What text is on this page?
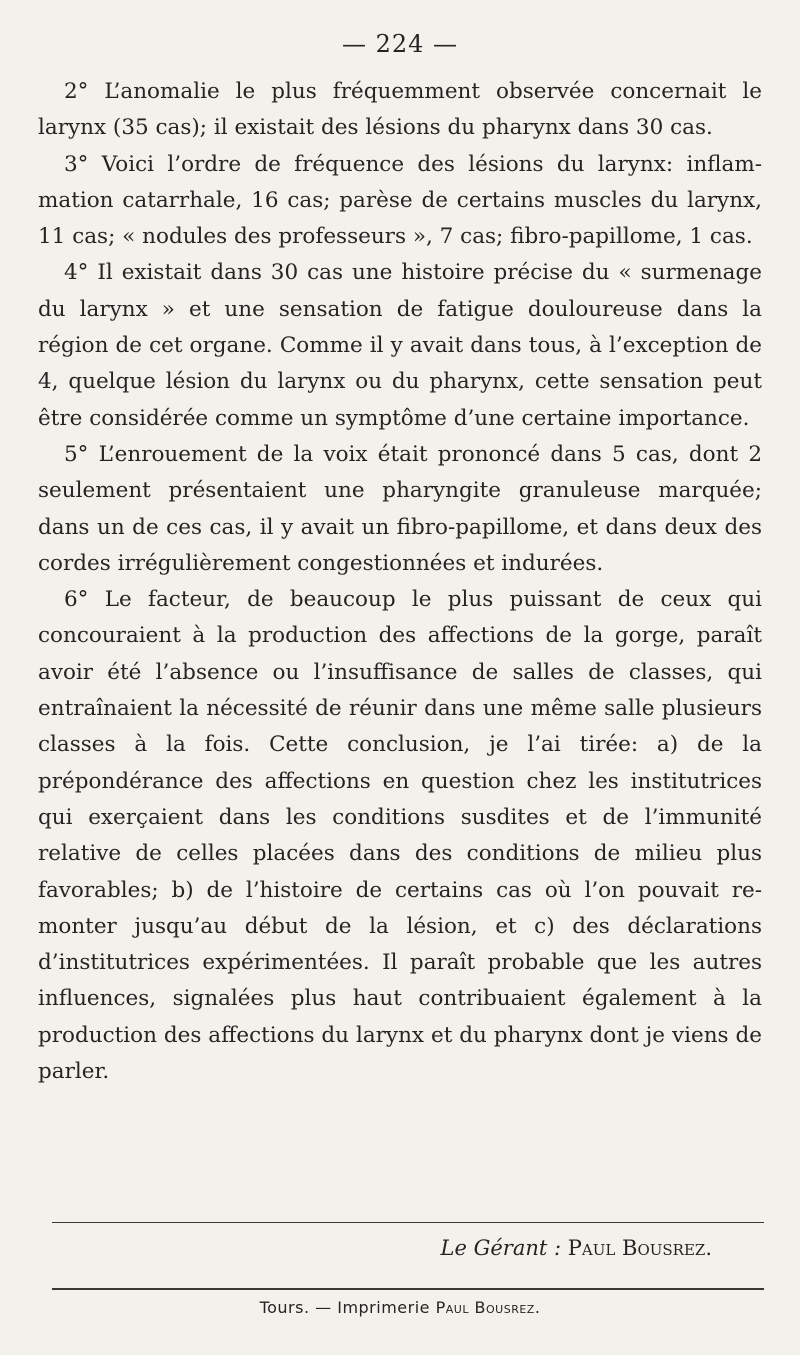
— 224 —

2° L’anomalie le plus fréquemment observée concernait le larynx (35 cas); il existait des lésions du pharynx dans 30 cas.

3° Voici l’ordre de fréquence des lésions du larynx: inflammation catarrhale, 16 cas; parèse de certains muscles du larynx, 11 cas; « nodules des professeurs », 7 cas; fibro-papillome, 1 cas.

4° Il existait dans 30 cas une histoire précise du « surmenage du larynx » et une sensation de fatigue douloureuse dans la région de cet organe. Comme il y avait dans tous, à l’exception de 4, quelque lésion du larynx ou du pharynx, cette sensation peut être considérée comme un symptôme d’une certaine importance.

5° L’enrouement de la voix était prononcé dans 5 cas, dont 2 seulement présentaient une pharyngite granuleuse marquée; dans un de ces cas, il y avait un fibro-papillome, et dans deux des cordes irrégulièrement congestionnées et indurées.

6° Le facteur, de beaucoup le plus puissant de ceux qui concouraient à la production des affections de la gorge, paraît avoir été l’absence ou l’insuffisance de salles de classes, qui entraînaient la nécessité de réunir dans une même salle plusieurs classes à la fois. Cette conclusion, je l’ai tirée: a) de la prépondérance des affections en question chez les institutrices qui exerçaient dans les conditions susdites et de l’immunité relative de celles placées dans des conditions de milieu plus favorables; b) de l’histoire de certains cas où l’on pouvait remonter jusqu’au début de la lésion, et c) des déclarations d’institutrices expérimentées. Il paraît probable que les autres influences, signalées plus haut contribuaient également à la production des affections du larynx et du pharynx dont je viens de parler.

Le Gérant : Paul Bousrez.
Tours. — Imprimerie Paul Bousrez.
